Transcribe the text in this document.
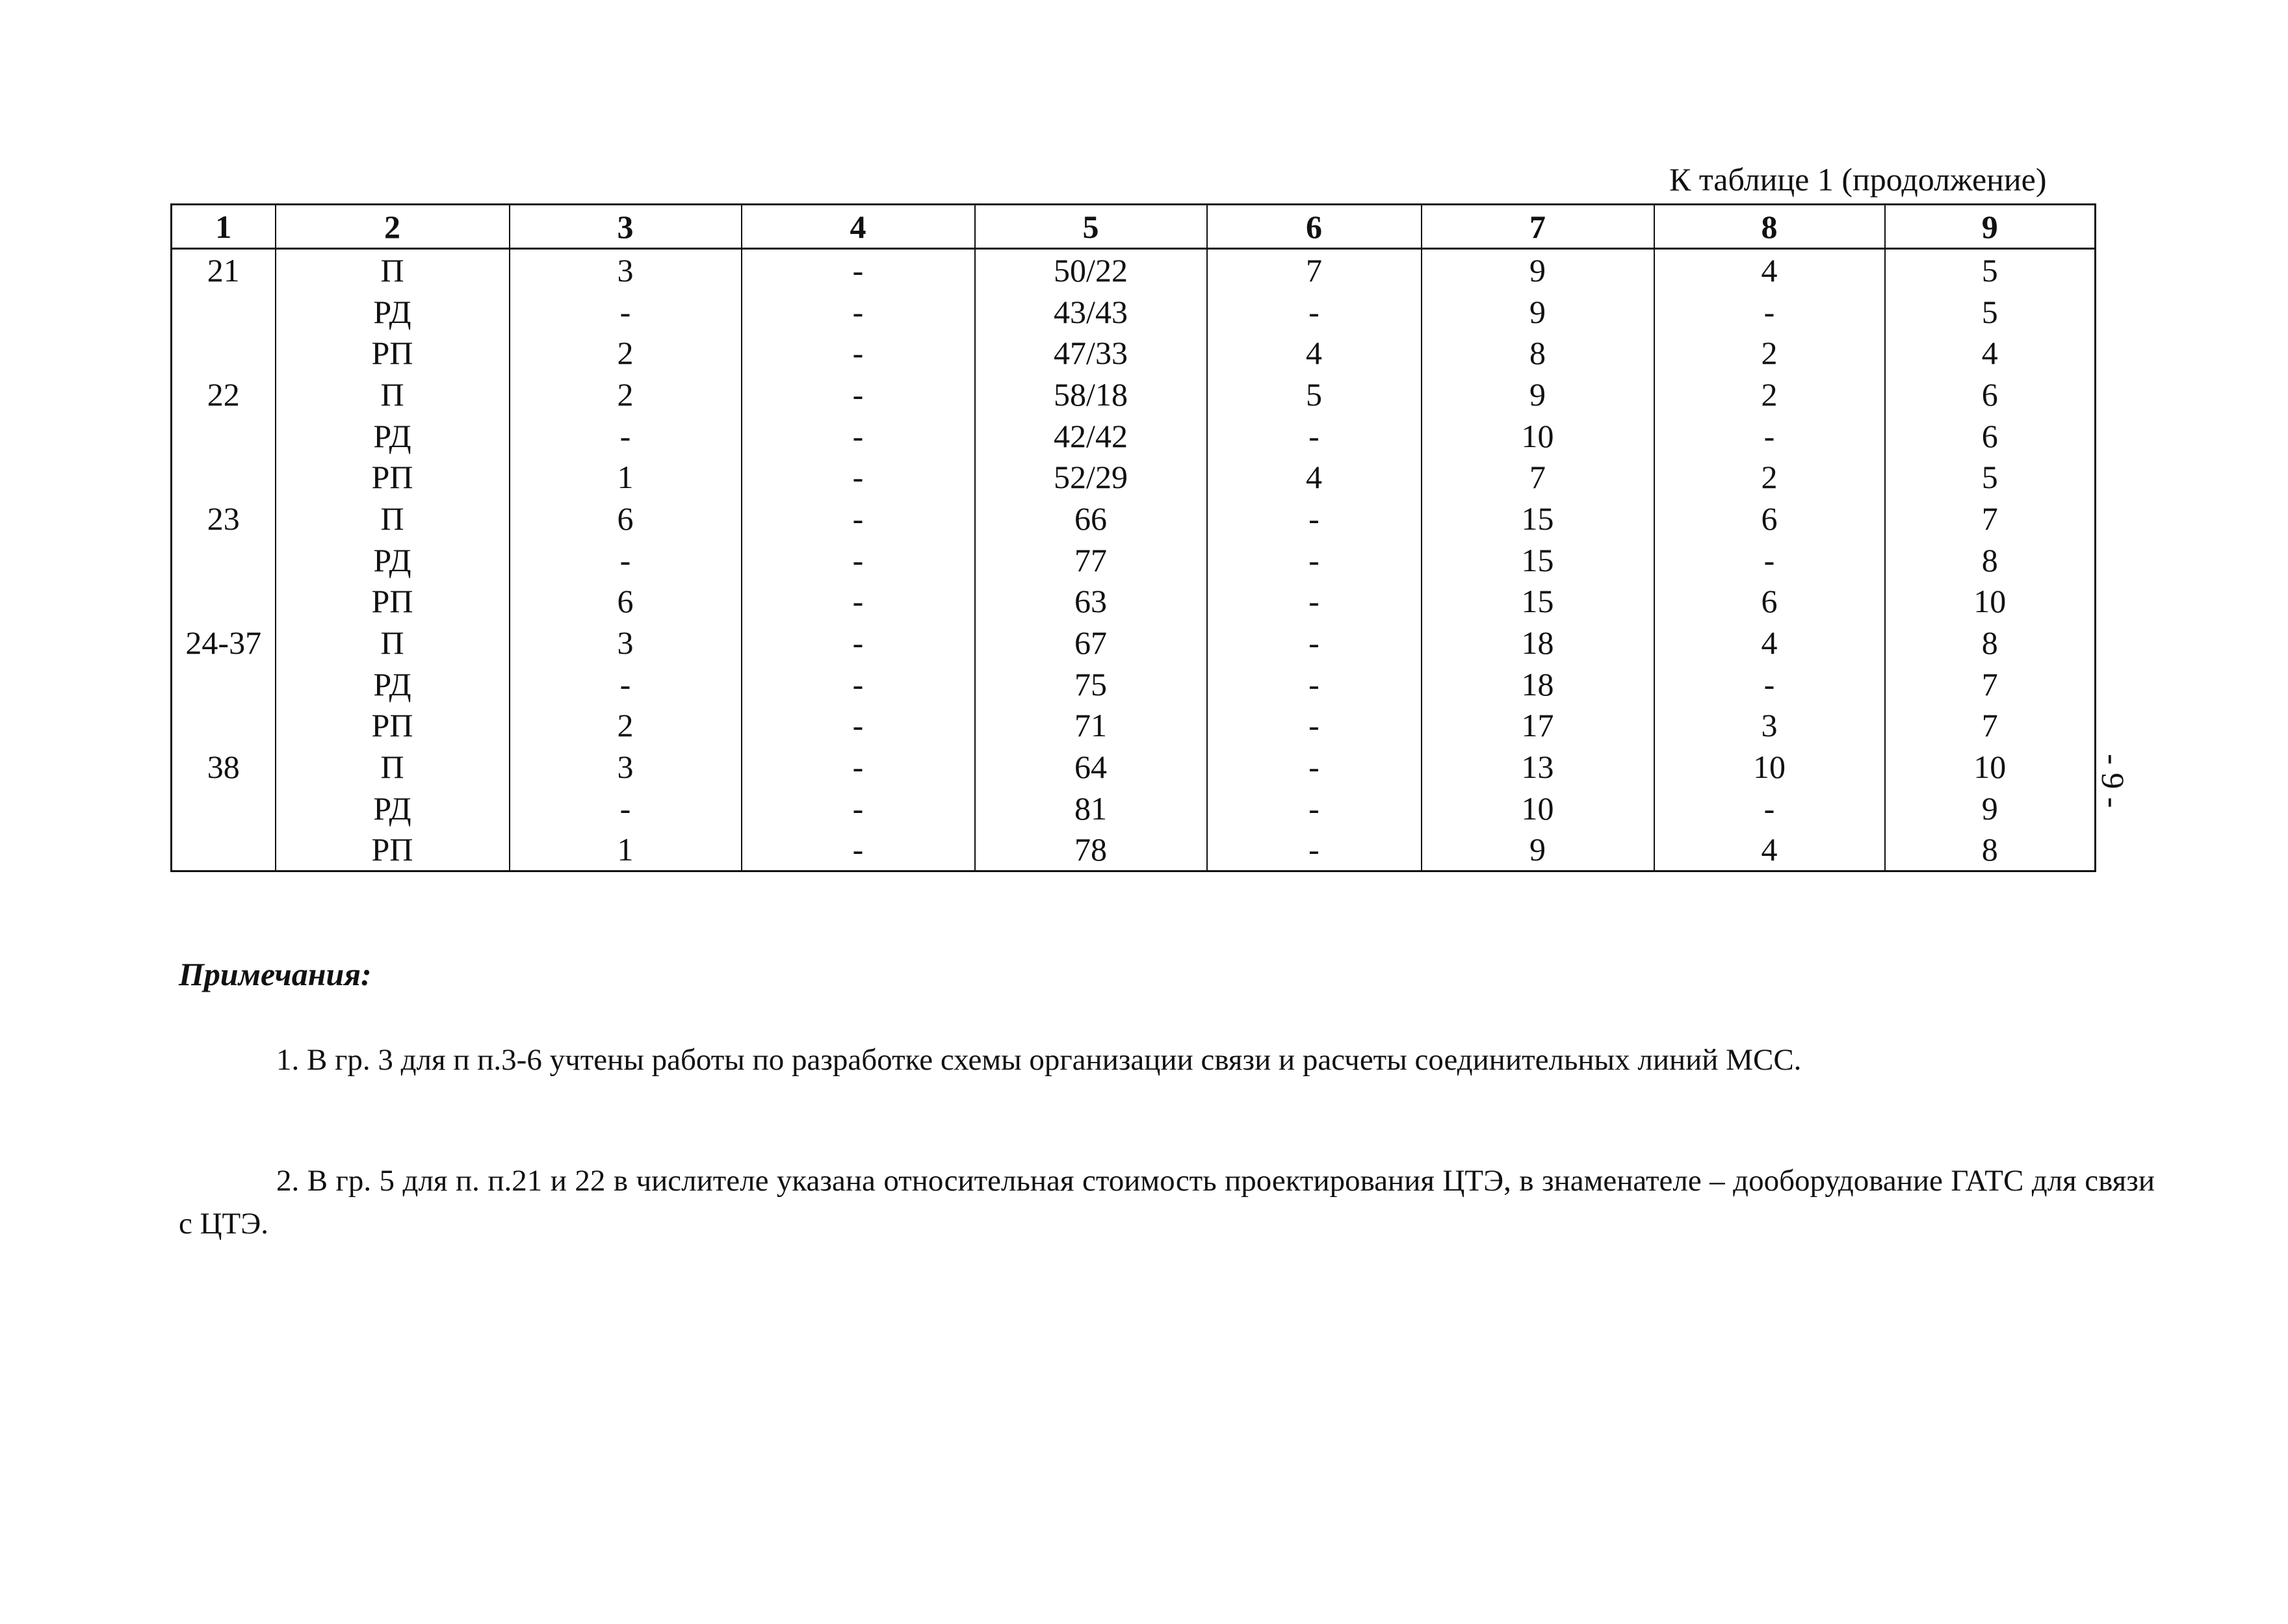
К таблице 1 (продолжение)
1	2	3	4	5	6	7	8	9
21	П	3	-	50/22	7	9	4	5
	РД	-	-	43/43	-	9	-	5
	РП	2	-	47/33	4	8	2	4
22	П	2	-	58/18	5	9	2	6
	РД	-	-	42/42	-	10	-	6
	РП	1	-	52/29	4	7	2	5
23	П	6	-	66	-	15	6	7
	РД	-	-	77	-	15	-	8
	РП	6	-	63	-	15	6	10
24-37	П	3	-	67	-	18	4	8
	РД	-	-	75	-	18	-	7
	РП	2	-	71	-	17	3	7
38	П	3	-	64	-	13	10	10
	РД	-	-	81	-	10	-	9
	РП	1	-	78	-	9	4	8
- 9 -
Примечания:
1. В гр. 3 для п п.3-6 учтены работы по разработке схемы организации связи и расчеты соединительных линий МСС.
2. В гр. 5 для п. п.21 и 22 в числителе указана относительная стоимость проектирования ЦТЭ, в знаменателе – дооборудование ГАТС для связи с ЦТЭ.
